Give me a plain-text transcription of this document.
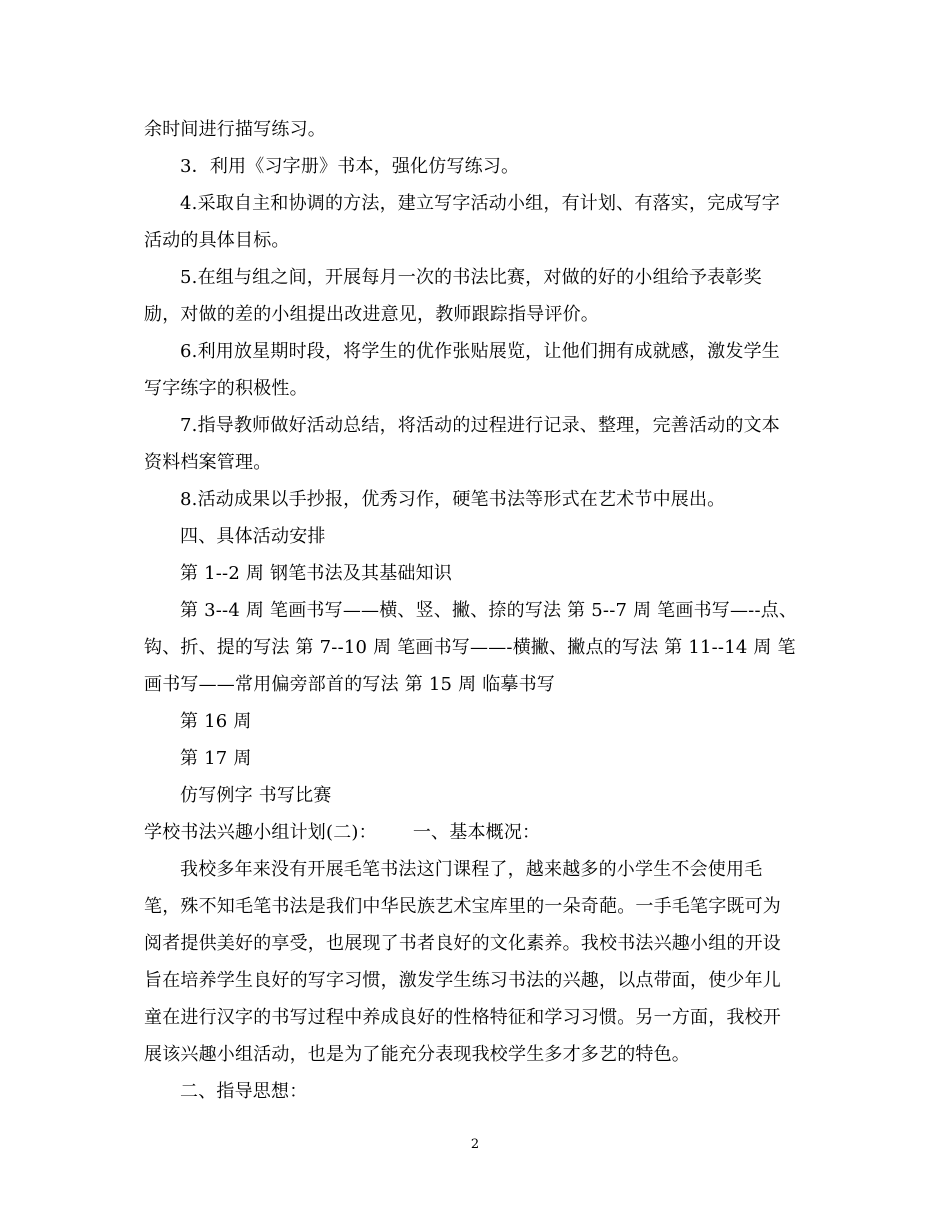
余时间进行描写练习。
3．利用《习字册》书本，强化仿写练习。
4.采取自主和协调的方法，建立写字活动小组，有计划、有落实，完成写字
活动的具体目标。
5.在组与组之间，开展每月一次的书法比赛，对做的好的小组给予表彰奖
励，对做的差的小组提出改进意见，教师跟踪指导评价。
6.利用放星期时段，将学生的优作张贴展览，让他们拥有成就感，激发学生
写字练字的积极性。
7.指导教师做好活动总结，将活动的过程进行记录、整理，完善活动的文本
资料档案管理。
8.活动成果以手抄报，优秀习作，硬笔书法等形式在艺术节中展出。
四、具体活动安排
第 1--2 周 钢笔书法及其基础知识
第 3--4 周 笔画书写——横、竖、撇、捺的写法 第 5--7 周 笔画书写—--点、
钩、折、提的写法 第 7--10 周 笔画书写——-横撇、撇点的写法 第 11--14 周 笔
画书写——常用偏旁部首的写法 第 15 周 临摹书写
第 16 周
第 17 周
仿写例字 书写比赛
学校书法兴趣小组计划(二)： 一、基本概况：
我校多年来没有开展毛笔书法这门课程了，越来越多的小学生不会使用毛
笔，殊不知毛笔书法是我们中华民族艺术宝库里的一朵奇葩。一手毛笔字既可为
阅者提供美好的享受，也展现了书者良好的文化素养。我校书法兴趣小组的开设
旨在培养学生良好的写字习惯，激发学生练习书法的兴趣，以点带面，使少年儿
童在进行汉字的书写过程中养成良好的性格特征和学习习惯。另一方面，我校开
展该兴趣小组活动，也是为了能充分表现我校学生多才多艺的特色。
二、指导思想：
2
